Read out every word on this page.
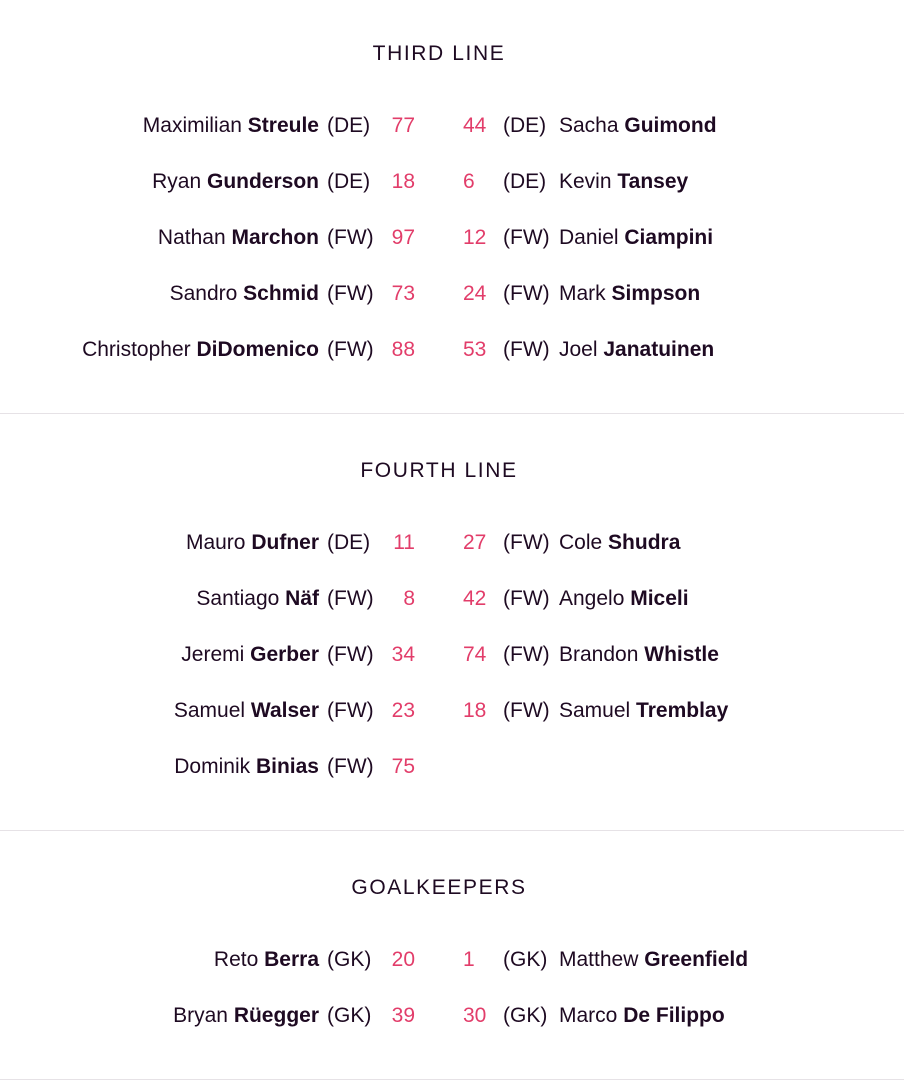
THIRD LINE
Maximilian Streule (DE)	77 44 (DE) Sacha Guimond
Ryan Gunderson (DE)	18 6	(DE) Kevin Tansey
Nathan Marchon (FW) 97 12 (FW) Daniel Ciampini
Sandro Schmid (FW) 73 24 (FW) Mark Simpson
Christopher DiDomenico (FW) 88 53 (FW) Joel Janatuinen
FOURTH LINE
Mauro Dufner (DE)	11 27 (FW) Cole Shudra
Santiago Näf (FW)	8 42 (FW) Angelo Miceli
Jeremi Gerber (FW) 34 74 (FW) Brandon Whistle
Samuel Walser (FW) 23 18 (FW) Samuel Tremblay
Dominik Binias (FW) 75
GOALKEEPERS
Reto Berra (GK) 20 1	(GK) Matthew Greenfield
Bryan Rüegger (GK) 39 30 (GK) Marco De Filippo
